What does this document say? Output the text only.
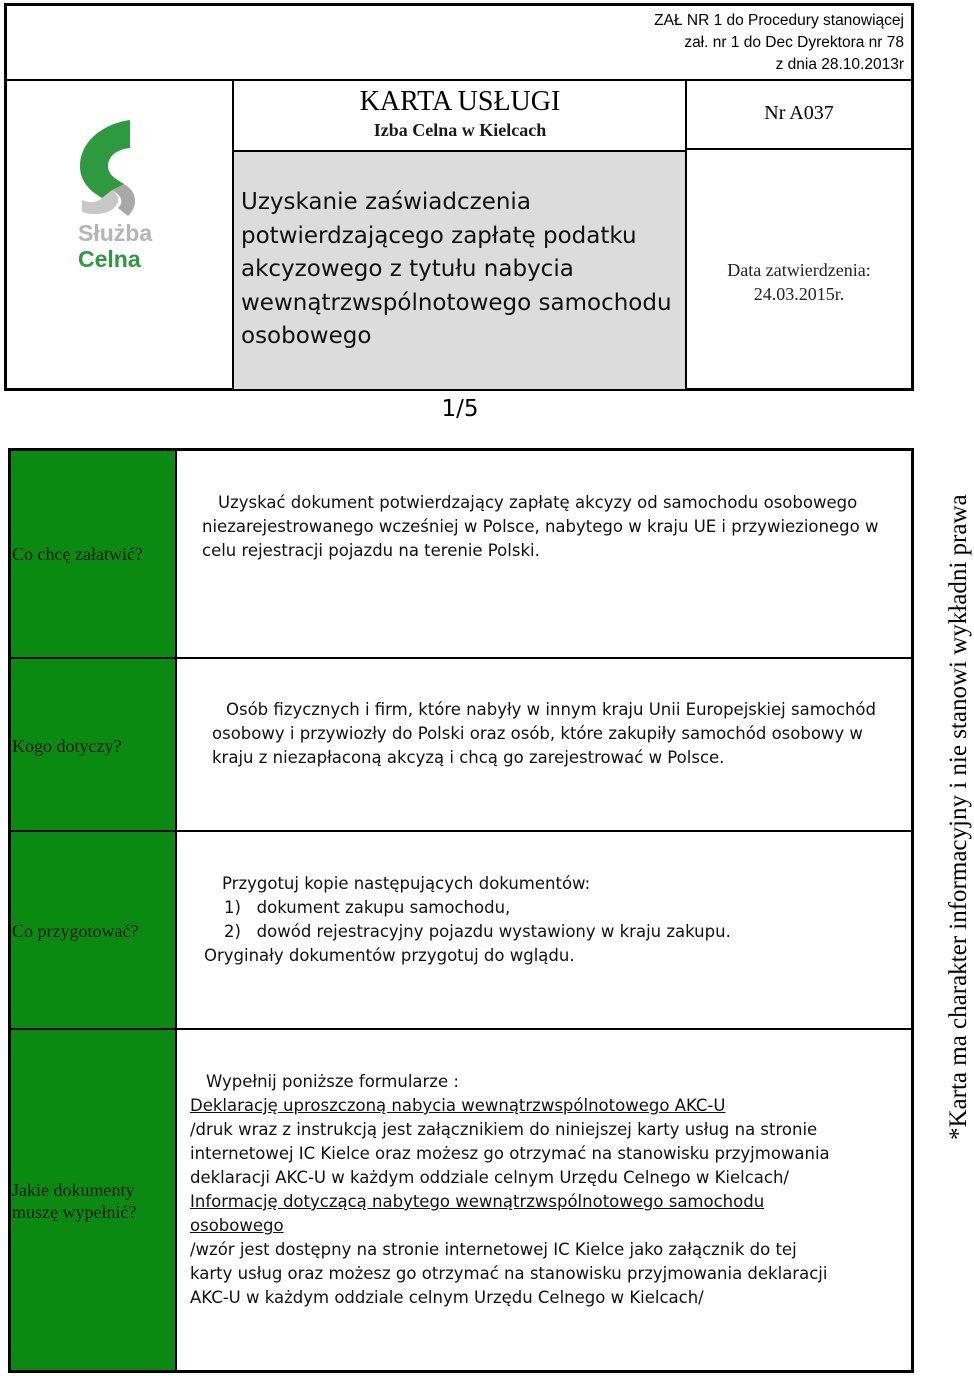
ZAŁ NR 1 do Procedury stanowiącej
zał. nr 1 do Dec Dyrektora nr 78
z dnia 28.10.2013r
KARTA USŁUGI
Izba Celna w Kielcach
Nr A037
Uzyskanie zaświadczenia potwierdzającego zapłatę podatku akcyzowego z tytułu nabycia wewnątrzwspólnotowego samochodu osobowego
Data zatwierdzenia:
24.03.2015r.
Służba
Celna
1/5
Co chcę załatwić?
Uzyskać dokument potwierdzający zapłatę akcyzy od samochodu osobowego niezarejestrowanego wcześniej w Polsce, nabytego w kraju UE i przywiezionego w celu rejestracji pojazdu na terenie Polski.
Kogo dotyczy?
Osób fizycznych i firm, które nabyły w innym kraju Unii Europejskiej samochód osobowy i przywiozły do Polski oraz osób, które zakupiły samochód osobowy w kraju z niezapłaconą akcyzą i chcą go zarejestrować w Polsce.
Co przygotować?

Przygotuj kopie następujących dokumentów:

1)   dokument zakupu samochodu,

2)   dowód rejestracyjny pojazdu wystawiony w kraju zakupu.

Oryginały dokumentów przygotuj do wglądu.

Jakie dokumenty
muszę wypełnić?

Wypełnij poniższe formularze :

Deklarację uproszczoną nabycia wewnątrzwspólnotowego AKC-U

/druk wraz z instrukcją jest załącznikiem do niniejszej karty usług na stronie internetowej IC Kielce oraz możesz go otrzymać na stanowisku przyjmowania deklaracji AKC-U w każdym oddziale celnym Urzędu Celnego w Kielcach/

Informację dotyczącą nabytego wewnątrzwspólnotowego samochodu osobowego

/wzór jest dostępny na stronie internetowej IC Kielce jako załącznik do tej karty usług oraz możesz go otrzymać na stanowisku przyjmowania deklaracji AKC-U w każdym oddziale celnym Urzędu Celnego w Kielcach/

*Karta ma charakter informacyjny i nie stanowi wykładni prawa
